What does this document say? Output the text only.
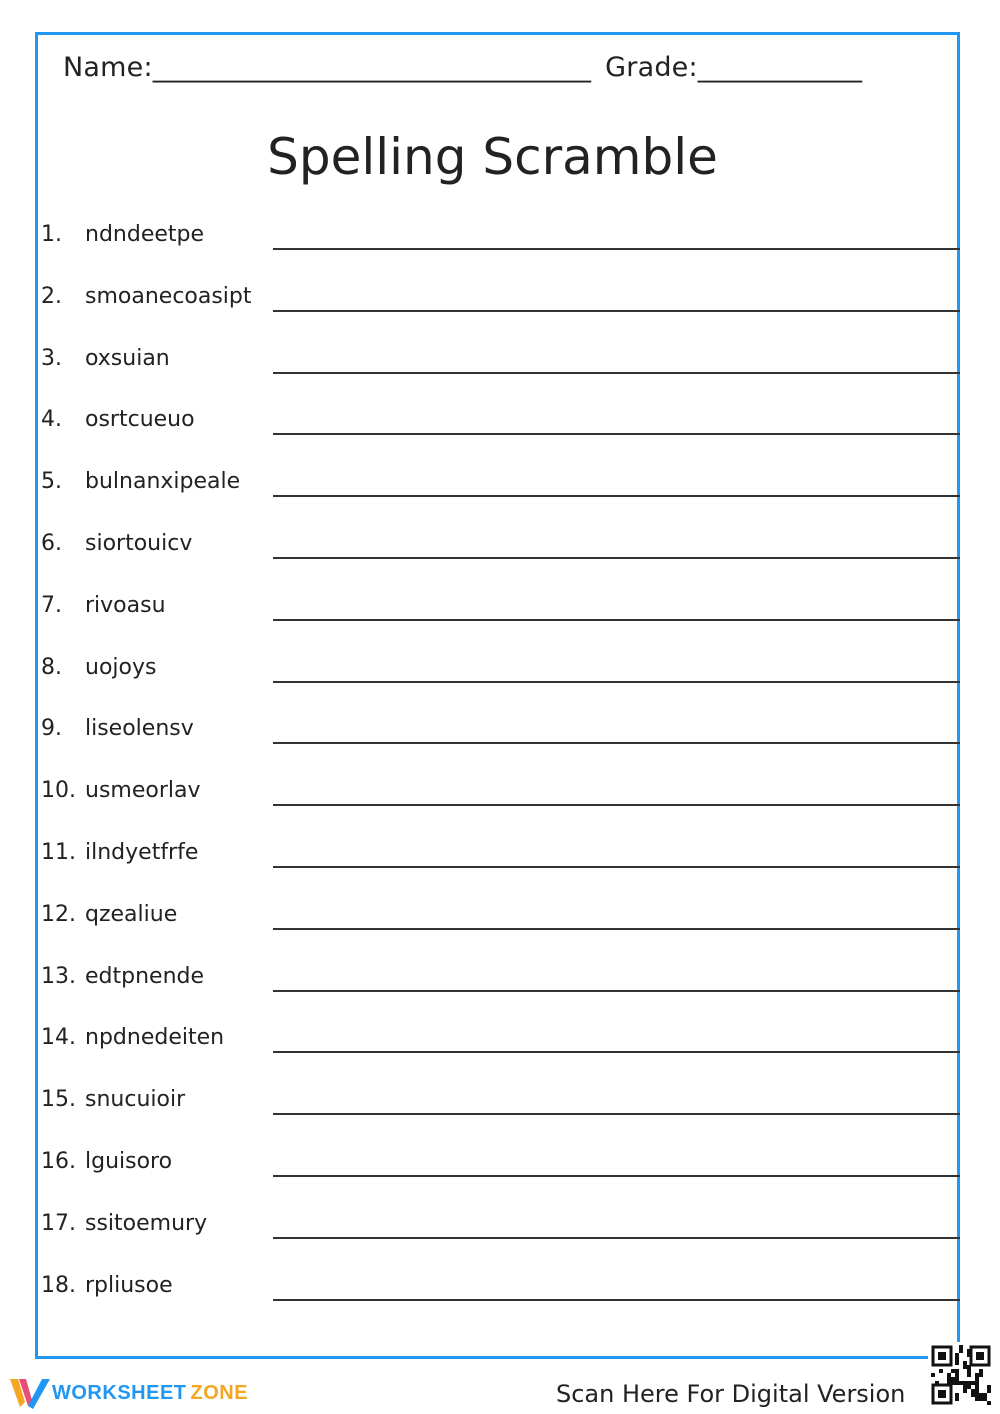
Name:________________________________ Grade:____________
Spelling Scramble
1. ndndeetpe
2. smoanecoasipt
3. oxsuian
4. osrtcueuo
5. bulnanxipeale
6. siortouicv
7. rivoasu
8. uojoys
9. liseolensv
10. usmeorlav
11. ilndyetfrfe
12. qzealiue
13. edtpnende
14. npdnedeiten
15. snucuioir
16. lguisoro
17. ssitoemury
18. rpliusoe
WORKSHEET ZONE	Scan Here For Digital Version
